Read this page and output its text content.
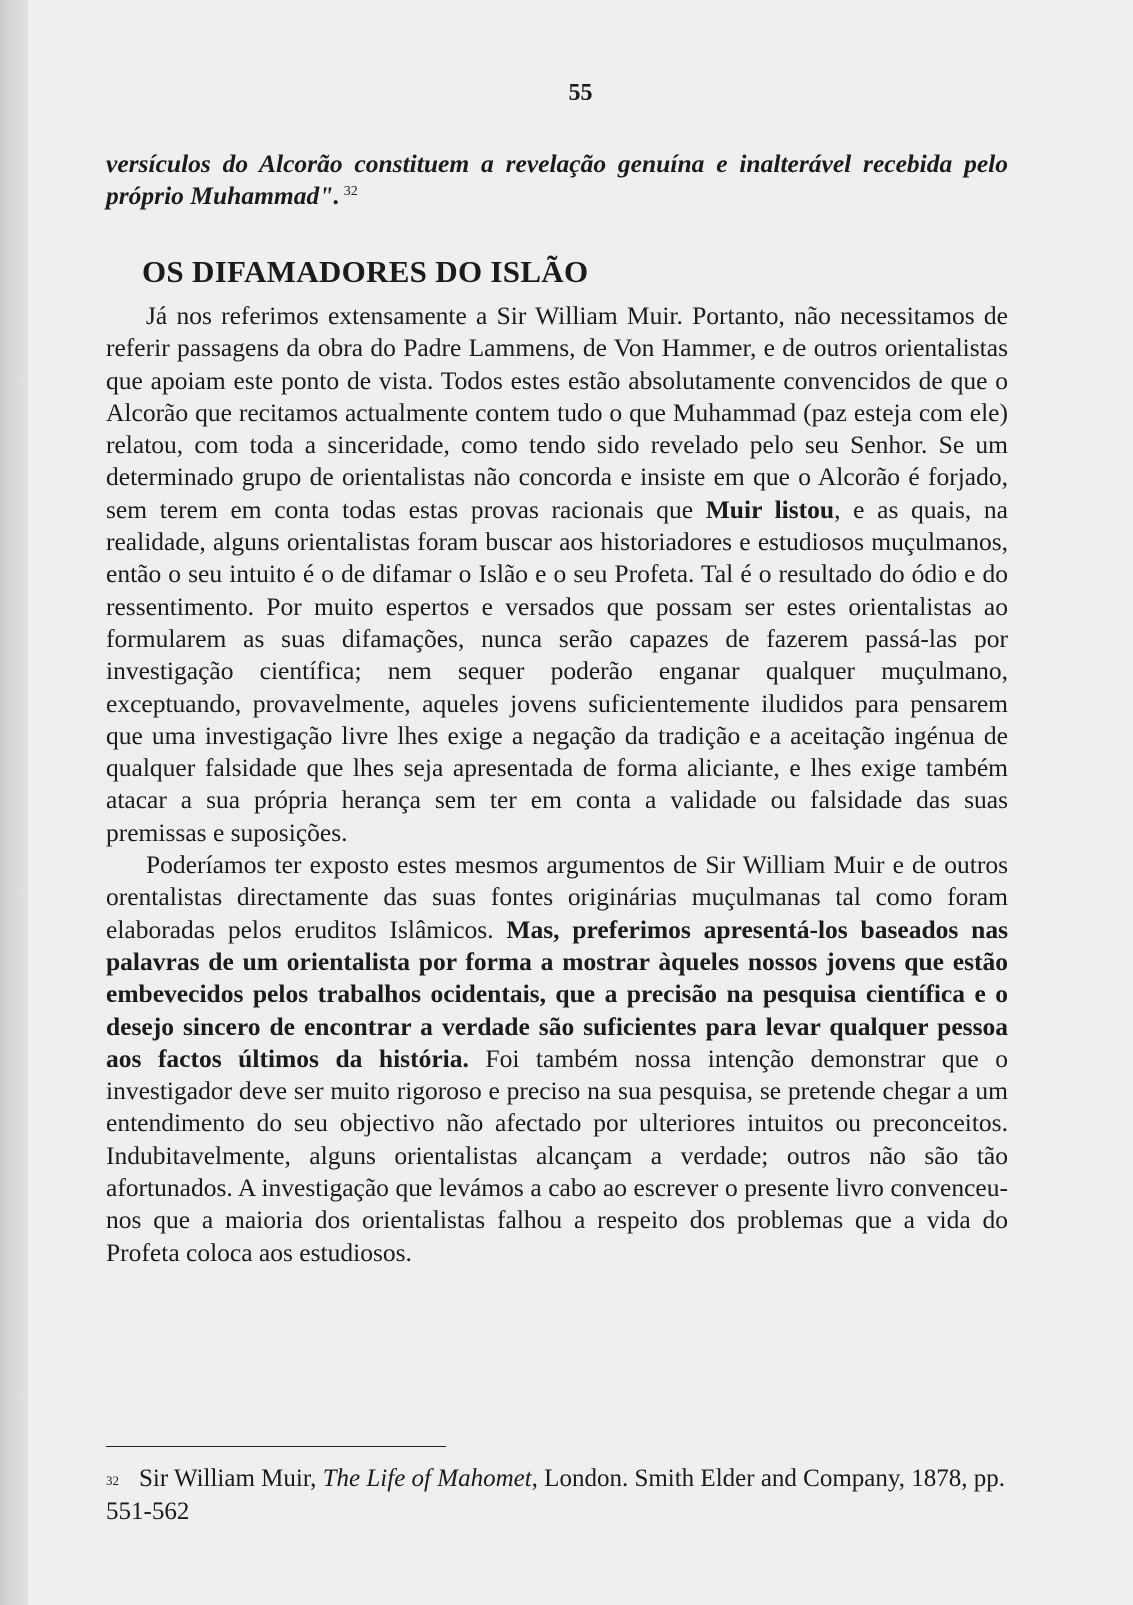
55

versículos do Alcorão constituem a revelação genuína e inalterável recebida pelo próprio Muhammad". $^{32}$

OS DIFAMADORES DO ISLÃO

Já nos referimos extensamente a Sir William Muir. Portanto, não necessitamos de referir passagens da obra do Padre Lammens, de Von Hammer, e de outros orientalistas que apoiam este ponto de vista. Todos estes estão absolutamente convencidos de que o Alcorão que recitamos actualmente contem tudo o que Muhammad (paz esteja com ele) relatou, com toda a sinceridade, como tendo sido revelado pelo seu Senhor. Se um determinado grupo de orientalistas não concorda e insiste em que o Alcorão é forjado, sem terem em conta todas estas provas racionais que Muir listou, e as quais, na realidade, alguns orientalistas foram buscar aos historiadores e estudiosos muçulmanos, então o seu intuito é o de difamar o Islão e o seu Profeta. Tal é o resultado do ódio e do ressentimento. Por muito espertos e versados que possam ser estes orientalistas ao formularem as suas difamações, nunca serão capazes de fazerem passá-las por investigação científica; nem sequer poderão enganar qualquer muçulmano, exceptuando, provavelmente, aqueles jovens suficientemente iludidos para pensarem que uma investigação livre lhes exige a negação da tradição e a aceitação ingénua de qualquer falsidade que lhes seja apresentada de forma aliciante, e lhes exige também atacar a sua própria herança sem ter em conta a validade ou falsidade das suas premissas e suposições.

Poderíamos ter exposto estes mesmos argumentos de Sir William Muir e de outros orentalistas directamente das suas fontes originárias muçulmanas tal como foram elaboradas pelos eruditos Islâmicos. Mas, preferimos apresentá-los baseados nas palavras de um orientalista por forma a mostrar àqueles nossos jovens que estão embevecidos pelos trabalhos ocidentais, que a precisão na pesquisa científica e o desejo sincero de encontrar a verdade são suficientes para levar qualquer pessoa aos factos últimos da história. Foi também nossa intenção demonstrar que o investigador deve ser muito rigoroso e preciso na sua pesquisa, se pretende chegar a um entendimento do seu objectivo não afectado por ulteriores intuitos ou preconceitos. Indubitavelmente, alguns orientalistas alcançam a verdade; outros não são tão afortunados. A investigação que levámos a cabo ao escrever o presente livro convenceu-nos que a maioria dos orientalistas falhou a respeito dos problemas que a vida do Profeta coloca aos estudiosos.

$^{32}$ Sir William Muir, The Life of Mahomet, London. Smith Elder and Company, 1878, pp. 551-562
